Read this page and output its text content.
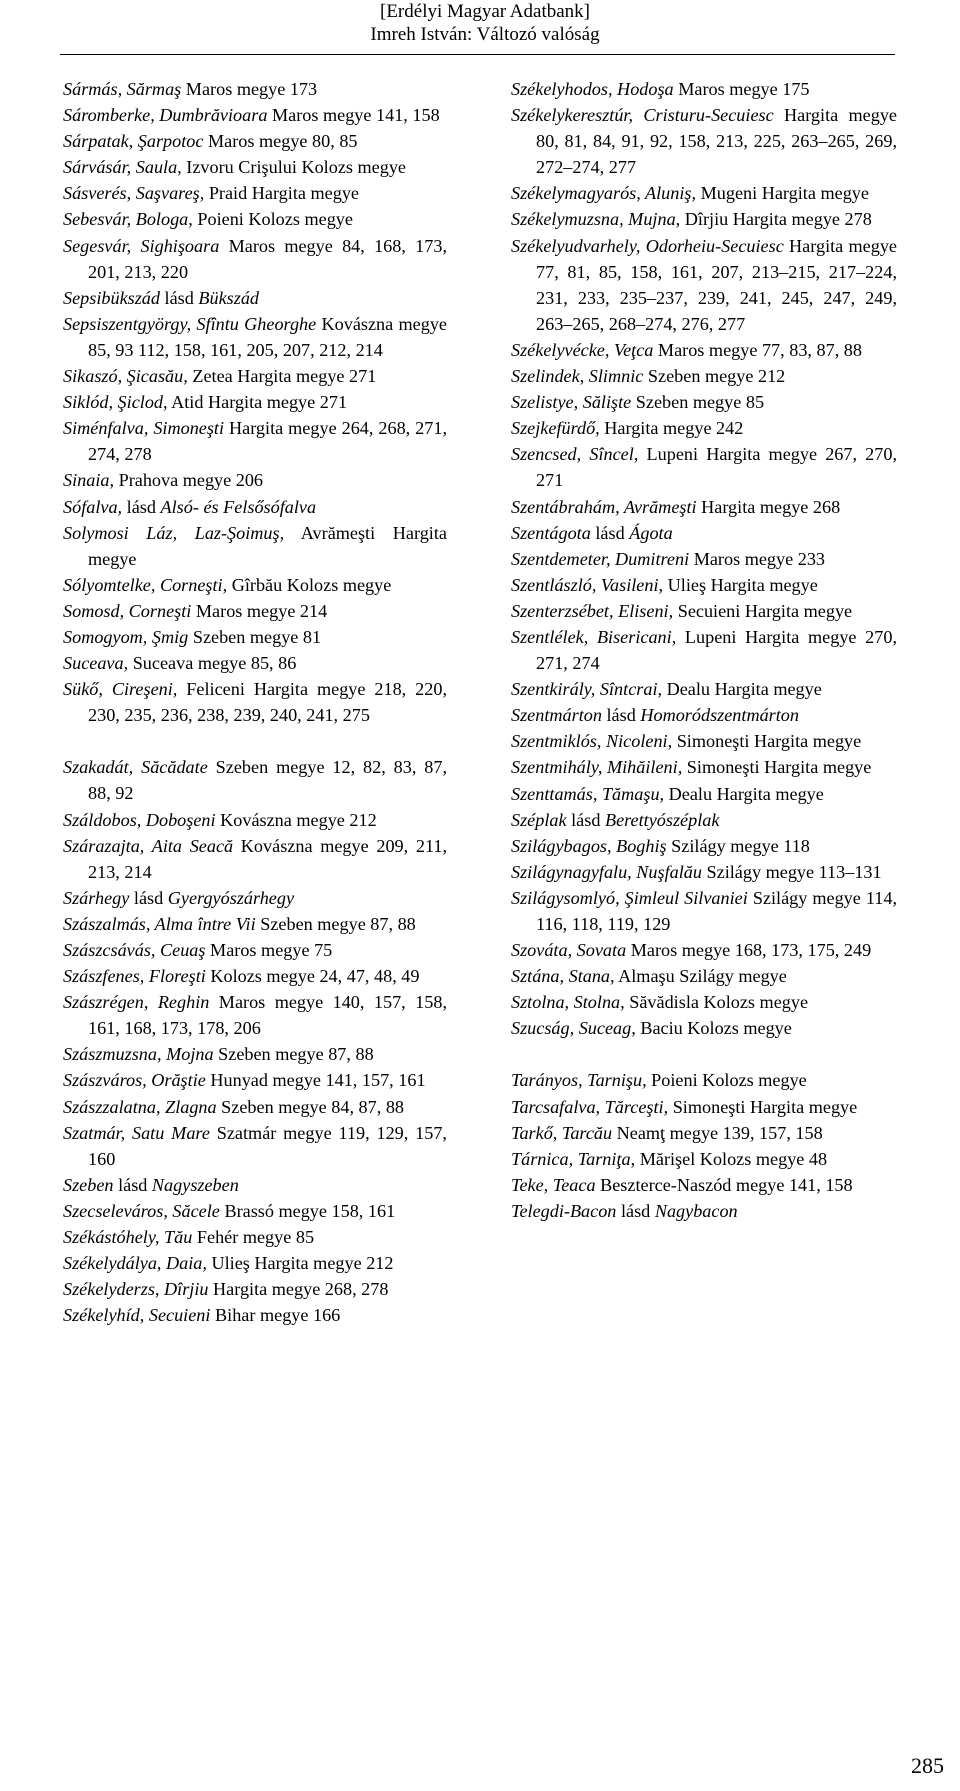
[Erdélyi Magyar Adatbank]
Imreh István: Változó valóság
Sármás, Sărmaş Maros megye 173
Sáromberke, Dumbrăvioara Maros megye 141, 158
Sárpatak, Şarpotoc Maros megye 80, 85
Sárvásár, Saula, Izvoru Crişului Kolozs megye
Sásverés, Saşvareş, Praid Hargita megye
Sebesvár, Bologa, Poieni Kolozs megye
Segesvár, Sighişoara Maros megye 84, 168, 173, 201, 213, 220
Sepsibükszád lásd Bükszád
Sepsiszentgyörgy, Sfîntu Gheorghe Kovászna megye 85, 93 112, 158, 161, 205, 207, 212, 214
Sikaszó, Şicasău, Zetea Hargita megye 271
Siklód, Şiclod, Atid Hargita megye 271
Siménfalva, Simoneşti Hargita megye 264, 268, 271, 274, 278
Sinaia, Prahova megye 206
Sófalva, lásd Alsó- és Felsősófalva
Solymosi Láz, Laz-Şoimuş, Avrămeşti Hargita megye
Sólyomtelke, Corneşti, Gîrbău Kolozs megye
Somosd, Corneşti Maros megye 214
Somogyom, Şmig Szeben megye 81
Suceava, Suceava megye 85, 86
Sükő, Cireşeni, Feliceni Hargita megye 218, 220, 230, 235, 236, 238, 239, 240, 241, 275
Szakadát, Săcădate Szeben megye 12, 82, 83, 87, 88, 92
Száldobos, Doboşeni Kovászna megye 212
Szárazajta, Aita Seacă Kovászna megye 209, 211, 213, 214
Szárhegy lásd Gyergyószárhegy
Szászalmás, Alma între Vii Szeben megye 87, 88
Szászcsávás, Ceuaş Maros megye 75
Szászfenes, Floreşti Kolozs megye 24, 47, 48, 49
Szászrégen, Reghin Maros megye 140, 157, 158, 161, 168, 173, 178, 206
Szászmuzsna, Mojna Szeben megye 87, 88
Szászváros, Orăştie Hunyad megye 141, 157, 161
Szászzalatna, Zlagna Szeben megye 84, 87, 88
Szatmár, Satu Mare Szatmár megye 119, 129, 157, 160
Szeben lásd Nagyszeben
Szecseleváros, Săcele Brassó megye 158, 161
Székástóhely, Tău Fehér megye 85
Székelydálya, Daia, Ulieş Hargita megye 212
Székelyderzs, Dîrjiu Hargita megye 268, 278
Székelyhíd, Secuieni Bihar megye 166
Székelyhodos, Hodoşa Maros megye 175
Székelykeresztúr, Cristuru-Secuiesc Hargita megye 80, 81, 84, 91, 92, 158, 213, 225, 263–265, 269, 272–274, 277
Székelymagyarós, Aluniş, Mugeni Hargita megye
Székelymuzsna, Mujna, Dîrjiu Hargita megye 278
Székelyudvarhely, Odorheiu-Secuiesc Hargita megye 77, 81, 85, 158, 161, 207, 213–215, 217–224, 231, 233, 235–237, 239, 241, 245, 247, 249, 263–265, 268–274, 276, 277
Székelyvécke, Veţca Maros megye 77, 83, 87, 88
Szelindek, Slimnic Szeben megye 212
Szelistye, Sălişte Szeben megye 85
Szejkefürdő, Hargita megye 242
Szencsed, Sîncel, Lupeni Hargita megye 267, 270, 271
Szentábrahám, Avrămeşti Hargita megye 268
Szentágota lásd Ágota
Szentdemeter, Dumitreni Maros megye 233
Szentlászló, Vasileni, Ulieş Hargita megye
Szenterzsébet, Eliseni, Secuieni Hargita megye
Szentlélek, Bisericani, Lupeni Hargita megye 270, 271, 274
Szentkirály, Sîntcrai, Dealu Hargita megye
Szentmárton lásd Homoródszentmárton
Szentmiklós, Nicoleni, Simoneşti Hargita megye
Szentmihály, Mihăileni, Simoneşti Hargita megye
Szenttamás, Tămaşu, Dealu Hargita megye
Széplak lásd Berettyószéplak
Szilágybagos, Boghiş Szilágy megye 118
Szilágynagyfalu, Nuşfalău Szilágy megye 113–131
Szilágysomlyó, Şimleul Silvaniei Szilágy megye 114, 116, 118, 119, 129
Szováta, Sovata Maros megye 168, 173, 175, 249
Sztána, Stana, Almaşu Szilágy megye
Sztolna, Stolna, Săvădisla Kolozs megye
Szucság, Suceag, Baciu Kolozs megye
Tarányos, Tarnişu, Poieni Kolozs megye
Tarcsafalva, Tărceşti, Simoneşti Hargita megye
Tarkő, Tarcău Neamţ megye 139, 157, 158
Tárnica, Tarniţa, Mărişel Kolozs megye 48
Teke, Teaca Beszterce-Naszód megye 141, 158
Telegdi-Bacon lásd Nagybacon
285
